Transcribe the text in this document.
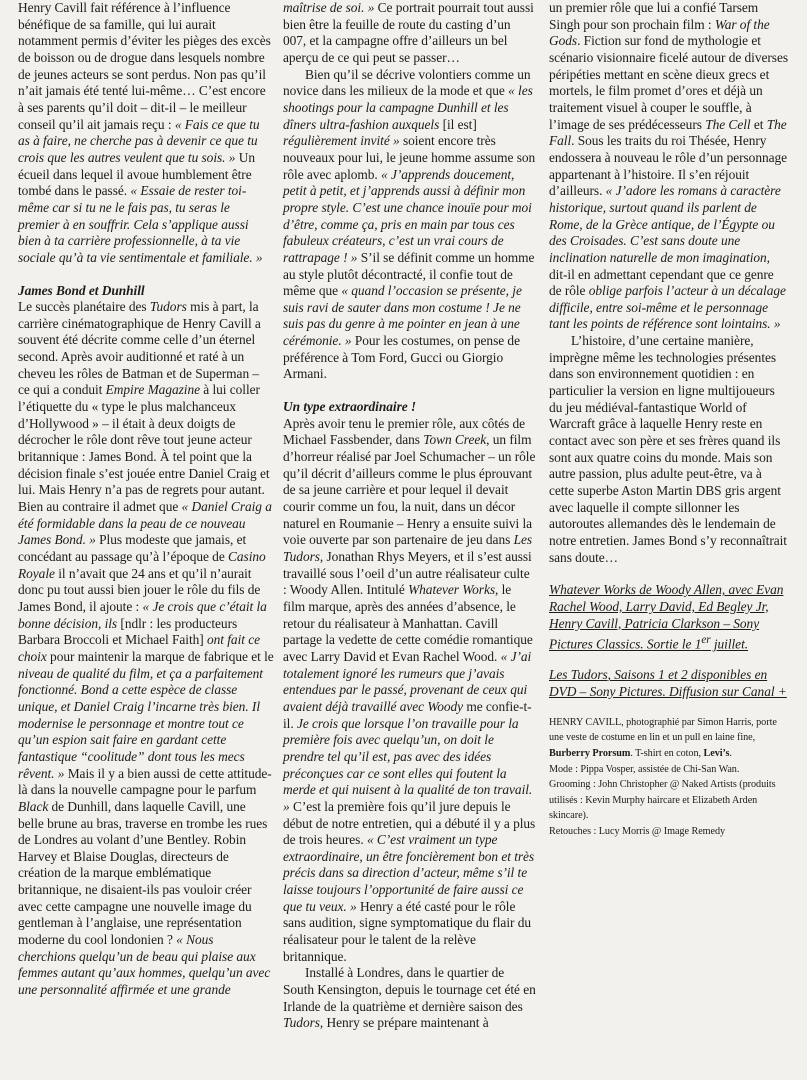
Henry Cavill fait référence à l’influence bénéfique de sa famille, qui lui aurait notamment permis d’éviter les pièges des excès de boisson ou de drogue dans lesquels nombre de jeunes acteurs se sont perdus. Non pas qu’il n’ait jamais été tenté lui-même… C’est encore à ses parents qu’il doit – dit-il – le meilleur conseil qu’il ait jamais reçu : « Fais ce que tu as à faire, ne cherche pas à devenir ce que tu crois que les autres veulent que tu sois. » Un écueil dans lequel il avoue humblement être tombé dans le passé. « Essaie de rester toi-même car si tu ne le fais pas, tu seras le premier à en souffrir. Cela s’applique aussi bien à ta carrière professionnelle, à ta vie sociale qu’à ta vie sentimentale et familiale. »

James Bond et Dunhill

Le succès planétaire des Tudors mis à part, la carrière cinématographique de Henry Cavill a souvent été décrite comme celle d’un éternel second. Après avoir auditionné et raté à un cheveu les rôles de Batman et de Superman – ce qui a conduit Empire Magazine à lui coller l’étiquette du « type le plus malchanceux d’Hollywood » – il était à deux doigts de décrocher le rôle dont rêve tout jeune acteur britannique : James Bond. À tel point que la décision finale s’est jouée entre Daniel Craig et lui. Mais Henry n’a pas de regrets pour autant. Bien au contraire il admet que « Daniel Craig a été formidable dans la peau de ce nouveau James Bond. » Plus modeste que jamais, et concédant au passage qu’à l’époque de Casino Royale il n’avait que 24 ans et qu’il n’aurait donc pu tout aussi bien jouer le rôle du fils de James Bond, il ajoute : « Je crois que c’était la bonne décision, ils [ndlr : les producteurs Barbara Broccoli et Michael Faith] ont fait ce choix pour maintenir la marque de fabrique et le niveau de qualité du film, et ça a parfaitement fonctionné. Bond a cette espèce de classe unique, et Daniel Craig l’incarne très bien. Il modernise le personnage et montre tout ce qu’un espion sait faire en gardant cette fantastique “coolitude” dont tous les mecs rêvent. » Mais il y a bien aussi de cette attitude-là dans la nouvelle campagne pour le parfum Black de Dunhill, dans laquelle Cavill, une belle brune au bras, traverse en trombe les rues de Londres au volant d’une Bentley. Robin Harvey et Blaise Douglas, directeurs de création de la marque emblématique britannique, ne disaient-ils pas vouloir créer avec cette campagne une nouvelle image du gentleman à l’anglaise, une représentation moderne du cool londonien ? « Nous cherchions quelqu’un de beau qui plaise aux femmes autant qu’aux hommes, quelqu’un avec une personnalité affirmée et une grande

maîtrise de soi. » Ce portrait pourrait tout aussi bien être la feuille de route du casting d’un 007, et la campagne offre d’ailleurs un bel aperçu de ce qui peut se passer…

Bien qu’il se décrive volontiers comme un novice dans les milieux de la mode et que « les shootings pour la campagne Dunhill et les dîners ultra-fashion auxquels [il est] régulièrement invité » soient encore très nouveaux pour lui, le jeune homme assume son rôle avec aplomb. « J’apprends doucement, petit à petit, et j’apprends aussi à définir mon propre style. C’est une chance inouïe pour moi d’être, comme ça, pris en main par tous ces fabuleux créateurs, c’est un vrai cours de rattrapage ! » S’il se définit comme un homme au style plutôt décontracté, il confie tout de même que « quand l’occasion se présente, je suis ravi de sauter dans mon costume ! Je ne suis pas du genre à me pointer en jean à une cérémonie. » Pour les costumes, on pense de préférence à Tom Ford, Gucci ou Giorgio Armani.

Un type extraordinaire !

Après avoir tenu le premier rôle, aux côtés de Michael Fassbender, dans Town Creek, un film d’horreur réalisé par Joel Schumacher – un rôle qu’il décrit d’ailleurs comme le plus éprouvant de sa jeune carrière et pour lequel il devait courir comme un fou, la nuit, dans un décor naturel en Roumanie – Henry a ensuite suivi la voie ouverte par son partenaire de jeu dans Les Tudors, Jonathan Rhys Meyers, et il s’est aussi travaillé sous l’oeil d’un autre réalisateur culte : Woody Allen. Intitulé Whatever Works, le film marque, après des années d’absence, le retour du réalisateur à Manhattan. Cavill partage la vedette de cette comédie romantique avec Larry David et Evan Rachel Wood. « J’ai totalement ignoré les rumeurs que j’avais entendues par le passé, provenant de ceux qui avaient déjà travaillé avec Woody me confie-t-il. Je crois que lorsque l’on travaille pour la première fois avec quelqu’un, on doit le prendre tel qu’il est, pas avec des idées préconçues car ce sont elles qui foutent la merde et qui nuisent à la qualité de ton travail. » C’est la première fois qu’il jure depuis le début de notre entretien, qui a débuté il y a plus de trois heures. « C’est vraiment un type extraordinaire, un être foncièrement bon et très précis dans sa direction d’acteur, même s’il te laisse toujours l’opportunité de faire aussi ce que tu veux. » Henry a été casté pour le rôle sans audition, signe symptomatique du flair du réalisateur pour le talent de la relève britannique.

Installé à Londres, dans le quartier de South Kensington, depuis le tournage cet été en Irlande de la quatrième et dernière saison des Tudors, Henry se prépare maintenant à

un premier rôle que lui a confié Tarsem Singh pour son prochain film : War of the Gods. Fiction sur fond de mythologie et scénario visionnaire ficelé autour de diverses péripéties mettant en scène dieux grecs et mortels, le film promet d’ores et déjà un traitement visuel à couper le souffle, à l’image de ses prédécesseurs The Cell et The Fall. Sous les traits du roi Thésée, Henry endossera à nouveau le rôle d’un personnage appartenant à l’histoire. Il s’en réjouit d’ailleurs. « J’adore les romans à caractère historique, surtout quand ils parlent de Rome, de la Grèce antique, de l’Égypte ou des Croisades. C’est sans doute une inclination naturelle de mon imagination, dit-il en admettant cependant que ce genre de rôle oblige parfois l’acteur à un décalage difficile, entre soi-même et le personnage tant les points de référence sont lointains. »

L’histoire, d’une certaine manière, imprègne même les technologies présentes dans son environnement quotidien : en particulier la version en ligne multijoueurs du jeu médiéval-fantastique World of Warcraft grâce à laquelle Henry reste en contact avec son père et ses frères quand ils sont aux quatre coins du monde. Mais son autre passion, plus adulte peut-être, va à cette superbe Aston Martin DBS gris argent avec laquelle il compte sillonner les autoroutes allemandes dès le lendemain de notre entretien. James Bond s’y reconnaîtrait sans doute…

Whatever Works de Woody Allen, avec Evan Rachel Wood, Larry David, Ed Begley Jr, Henry Cavill, Patricia Clarkson – Sony Pictures Classics. Sortie le 1er juillet.

Les Tudors, Saisons 1 et 2 disponibles en DVD – Sony Pictures. Diffusion sur Canal +

HENRY CAVILL, photographié par Simon Harris, porte une veste de costume en lin et un pull en laine fine, Burberry Prorsum. T-shirt en coton, Levi’s.

Mode : Pippa Vosper, assistée de Chi-San Wan.

Grooming : John Christopher @ Naked Artists (produits utilisés : Kevin Murphy haircare et Elizabeth Arden skincare).

Retouches : Lucy Morris @ Image Remedy
